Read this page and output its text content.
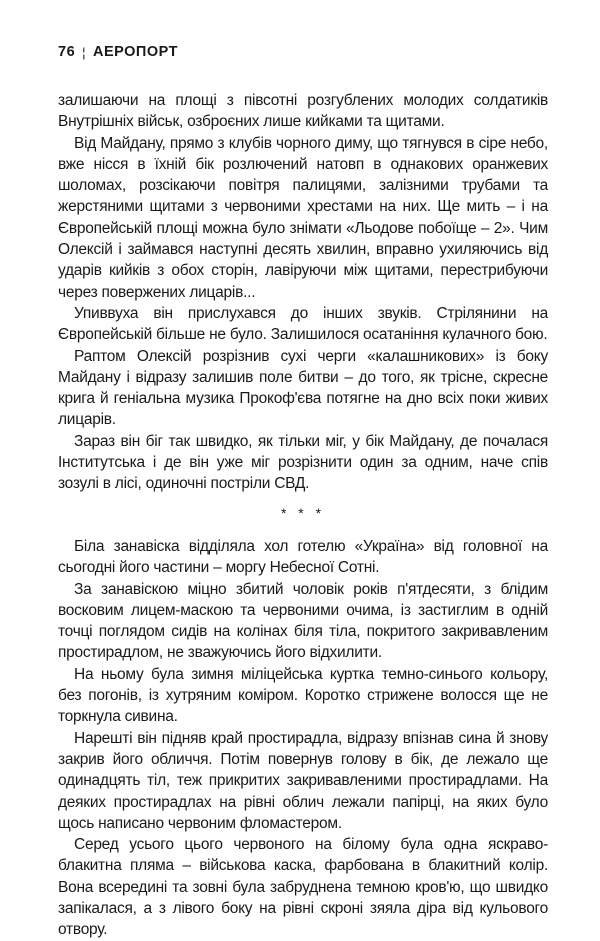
76 ¦ АЕРОПОРТ

залишаючи на площі з півсотні розгублених молодих солдатиків Внутрішніх військ, озброєних лише кийками та щитами.

Від Майдану, прямо з клубів чорного диму, що тягнувся в сіре небо, вже нісся в їхній бік розлючений натовп в однакових оранжевих шоломах, розсікаючи повітря палицями, залізними трубами та жерстяними щитами з червоними хрестами на них. Ще мить – і на Європейській площі можна було знімати «Льодове побоїще – 2». Чим Олексій і займався наступні десять хвилин, вправно ухиляючись від ударів кийків з обох сторін, лавіруючи між щитами, перестрибуючи через повержених лицарів...

Упиввуха він прислухався до інших звуків. Стрілянини на Європейській більше не було. Залишилося осатаніння кулачного бою.

Раптом Олексій розрізнив сухі черги «калашникових» із боку Майдану і відразу залишив поле битви – до того, як тріснe, скресне крига й геніальна музика Прокоф'єва потягне на дно всіх поки живих лицарів.

Зараз він біг так швидко, як тільки міг, у бік Майдану, де почалася Інститутська і де він уже міг розрізнити один за одним, наче спів зозулі в лісі, одиночні постріли СВД.

* * *

Біла занавіска відділяла хол готелю «Україна» від головної на сьогодні його частини – моргу Небесної Сотні.

За занавіскою міцно збитий чоловік років п'ятдесяти, з блідим восковим лицем-маскою та червоними очима, із застиглим в одній точці поглядом сидів на колінах біля тіла, покритого закривавленим простирадлом, не зважуючись його відхилити.

На ньому була зимня міліцейська куртка темно-синього кольору, без погонів, із хутряним коміром. Коротко стрижене волосся ще не торкнула сивина.

Нарешті він підняв край простирадла, відразу впізнав сина й знову закрив його обличчя. Потім повернув голову в бік, де лежало ще одинадцять тіл, теж прикритих закривавленими простирадлами. На деяких простирадлах на рівні облич лежали папірці, на яких було щось написано червоним фломастером.

Серед усього цього червоного на білому була одна яскраво-блакитна пляма – військова каска, фарбована в блакитний колір. Вона всередині та зовні була забруднена темною кров'ю, що швидко запікалася, а з лівого боку на рівні скроні зяяла діра від кульового отвору.
